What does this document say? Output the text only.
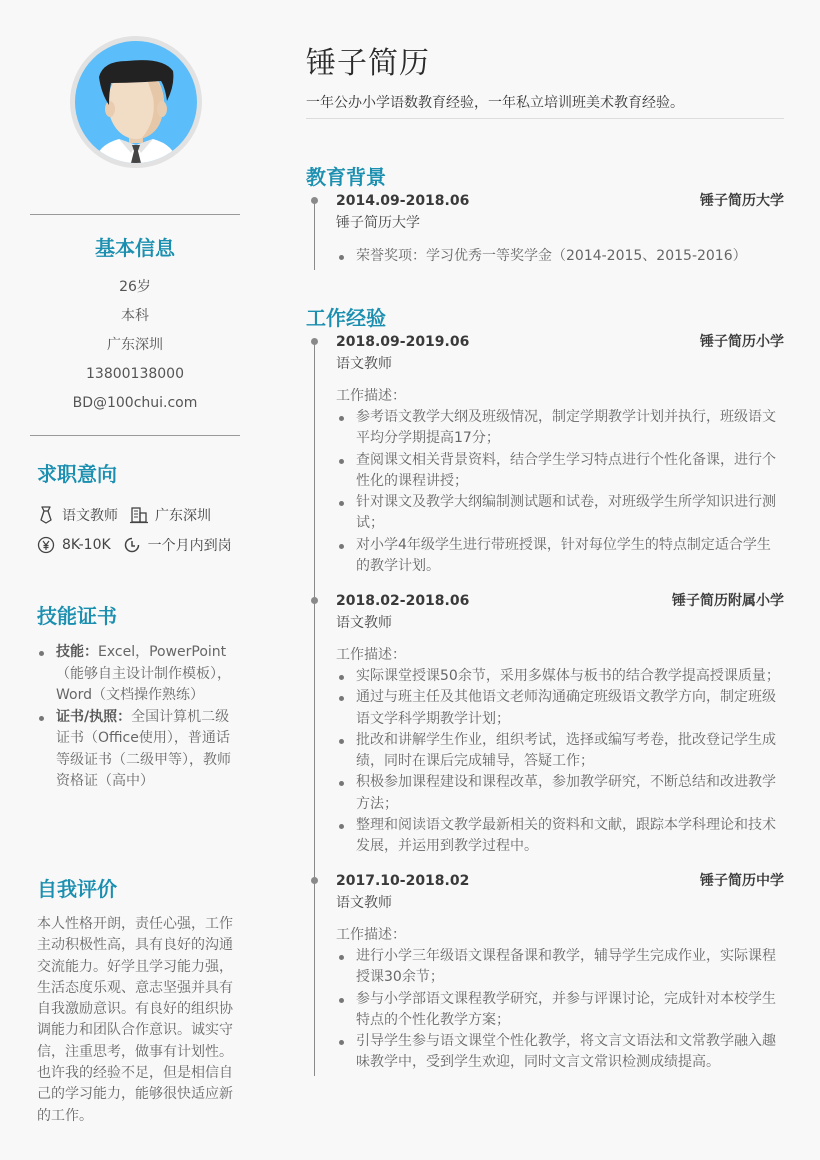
基本信息
26岁
本科
广东深圳
13800138000
BD@100chui.com
求职意向
语文教师	广东深圳
8K-10K	一个月内到岗
技能证书
技能：Excel，PowerPoint（能够自主设计制作模板），Word（文档操作熟练）
证书/执照：全国计算机二级证书（Office使用），普通话等级证书（二级甲等），教师资格证（高中）
自我评价
本人性格开朗，责任心强，工作主动积极性高，具有良好的沟通交流能力。好学且学习能力强，生活态度乐观、意志坚强并具有自我激励意识。有良好的组织协调能力和团队合作意识。诚实守信，注重思考，做事有计划性。也许我的经验不足，但是相信自己的学习能力，能够很快适应新的工作。
锤子简历
一年公办小学语数教育经验，一年私立培训班美术教育经验。
教育背景
2014.09-2018.06	锤子简历大学
锤子简历大学
荣誉奖项：学习优秀一等奖学金（2014-2015、2015-2016）
工作经验
2018.09-2019.06	锤子简历小学
语文教师
工作描述：
参考语文教学大纲及班级情况，制定学期教学计划并执行，班级语文平均分学期提高17分；
查阅课文相关背景资料，结合学生学习特点进行个性化备课，进行个性化的课程讲授；
针对课文及教学大纲编制测试题和试卷，对班级学生所学知识进行测试；
对小学4年级学生进行带班授课，针对每位学生的特点制定适合学生的教学计划。
2018.02-2018.06	锤子简历附属小学
语文教师
工作描述：
实际课堂授课50余节，采用多媒体与板书的结合教学提高授课质量；
通过与班主任及其他语文老师沟通确定班级语文教学方向，制定班级语文学科学期教学计划；
批改和讲解学生作业，组织考试，选择或编写考卷，批改登记学生成绩，同时在课后完成辅导，答疑工作；
积极参加课程建设和课程改革，参加教学研究，不断总结和改进教学方法；
整理和阅读语文教学最新相关的资料和文献，跟踪本学科理论和技术发展，并运用到教学过程中。
2017.10-2018.02	锤子简历中学
语文教师
工作描述：
进行小学三年级语文课程备课和教学，辅导学生完成作业，实际课程授课30余节；
参与小学部语文课程教学研究，并参与评课讨论，完成针对本校学生特点的个性化教学方案；
引导学生参与语文课堂个性化教学，将文言文语法和文常教学融入趣味教学中，受到学生欢迎，同时文言文常识检测成绩提高。
